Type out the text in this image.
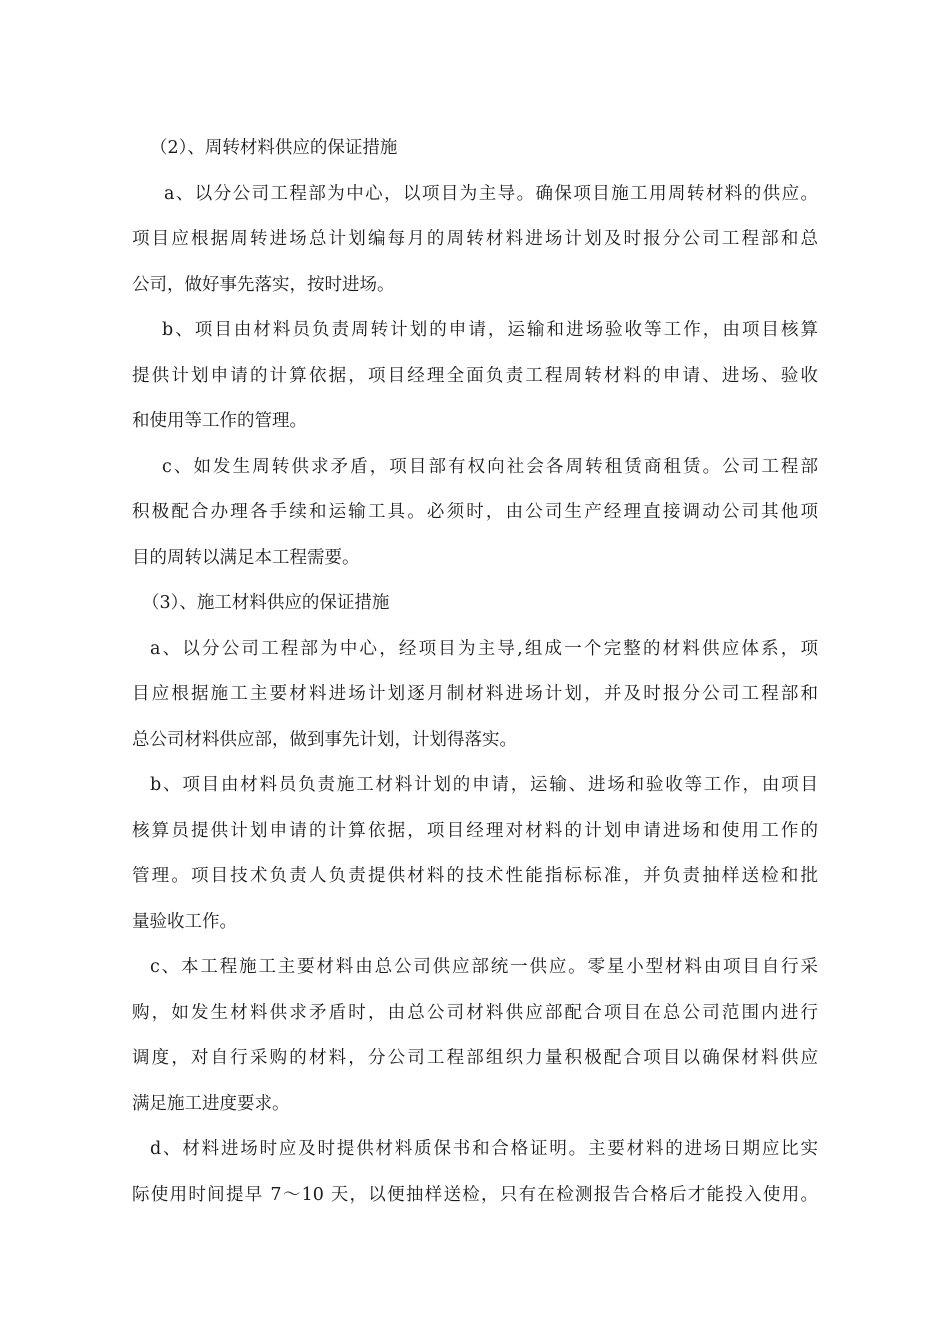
（2）、周转材料供应的保证措施
a、以分公司工程部为中心，以项目为主导。确保项目施工用周转材料的供应。
项目应根据周转进场总计划编每月的周转材料进场计划及时报分公司工程部和总
公司，做好事先落实，按时进场。
b、项目由材料员负责周转计划的申请，运输和进场验收等工作，由项目核算
提供计划申请的计算依据，项目经理全面负责工程周转材料的申请、进场、验收
和使用等工作的管理。
c、如发生周转供求矛盾，项目部有权向社会各周转租赁商租赁。公司工程部
积极配合办理各手续和运输工具。必须时，由公司生产经理直接调动公司其他项
目的周转以满足本工程需要。
（3）、施工材料供应的保证措施
a、以分公司工程部为中心，经项目为主导,组成一个完整的材料供应体系，项
目应根据施工主要材料进场计划逐月制材料进场计划，并及时报分公司工程部和
总公司材料供应部，做到事先计划，计划得落实。
b、项目由材料员负责施工材料计划的申请，运输、进场和验收等工作，由项目
核算员提供计划申请的计算依据，项目经理对材料的计划申请进场和使用工作的
管理。项目技术负责人负责提供材料的技术性能指标标准，并负责抽样送检和批
量验收工作。
c、本工程施工主要材料由总公司供应部统一供应。零星小型材料由项目自行采
购，如发生材料供求矛盾时，由总公司材料供应部配合项目在总公司范围内进行
调度，对自行采购的材料，分公司工程部组织力量积极配合项目以确保材料供应
满足施工进度要求。
d、材料进场时应及时提供材料质保书和合格证明。主要材料的进场日期应比实
际使用时间提早 7～10 天，以便抽样送检，只有在检测报告合格后才能投入使用。
